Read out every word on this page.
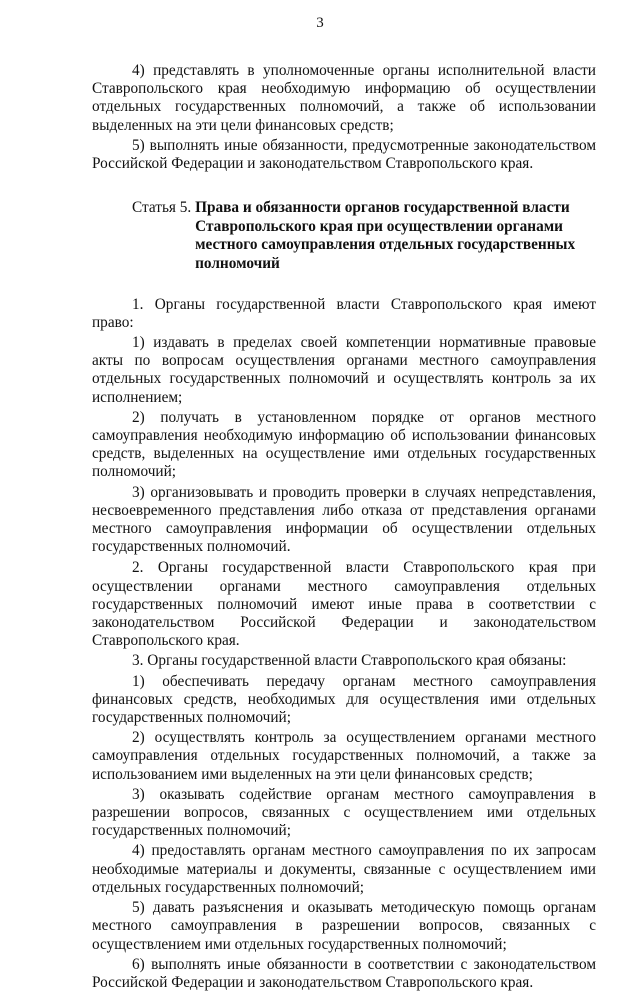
3

4) представлять в уполномоченные органы исполнительной власти Ставропольского края необходимую информацию об осуществлении отдельных государственных полномочий, а также об использовании выделенных на эти цели финансовых средств;

5) выполнять иные обязанности, предусмотренные законодательством Российской Федерации и законодательством Ставропольского края.

Статья 5. Права и обязанности органов государственной власти Ставропольского края при осуществлении органами местного самоуправления отдельных государственных полномочий

1. Органы государственной власти Ставропольского края имеют право:

1) издавать в пределах своей компетенции нормативные правовые акты по вопросам осуществления органами местного самоуправления отдельных государственных полномочий и осуществлять контроль за их исполнением;

2) получать в установленном порядке от органов местного самоуправления необходимую информацию об использовании финансовых средств, выделенных на осуществление ими отдельных государственных полномочий;

3) организовывать и проводить проверки в случаях непредставления, несвоевременного представления либо отказа от представления органами местного самоуправления информации об осуществлении отдельных государственных полномочий.

2. Органы государственной власти Ставропольского края при осуществлении органами местного самоуправления отдельных государственных полномочий имеют иные права в соответствии с законодательством Российской Федерации и законодательством Ставропольского края.

3. Органы государственной власти Ставропольского края обязаны:

1) обеспечивать передачу органам местного самоуправления финансовых средств, необходимых для осуществления ими отдельных государственных полномочий;

2) осуществлять контроль за осуществлением органами местного самоуправления отдельных государственных полномочий, а также за использованием ими выделенных на эти цели финансовых средств;

3) оказывать содействие органам местного самоуправления в разрешении вопросов, связанных с осуществлением ими отдельных государственных полномочий;

4) предоставлять органам местного самоуправления по их запросам необходимые материалы и документы, связанные с осуществлением ими отдельных государственных полномочий;

5) давать разъяснения и оказывать методическую помощь органам местного самоуправления в разрешении вопросов, связанных с осуществлением ими отдельных государственных полномочий;

6) выполнять иные обязанности в соответствии с законодательством Российской Федерации и законодательством Ставропольского края.
